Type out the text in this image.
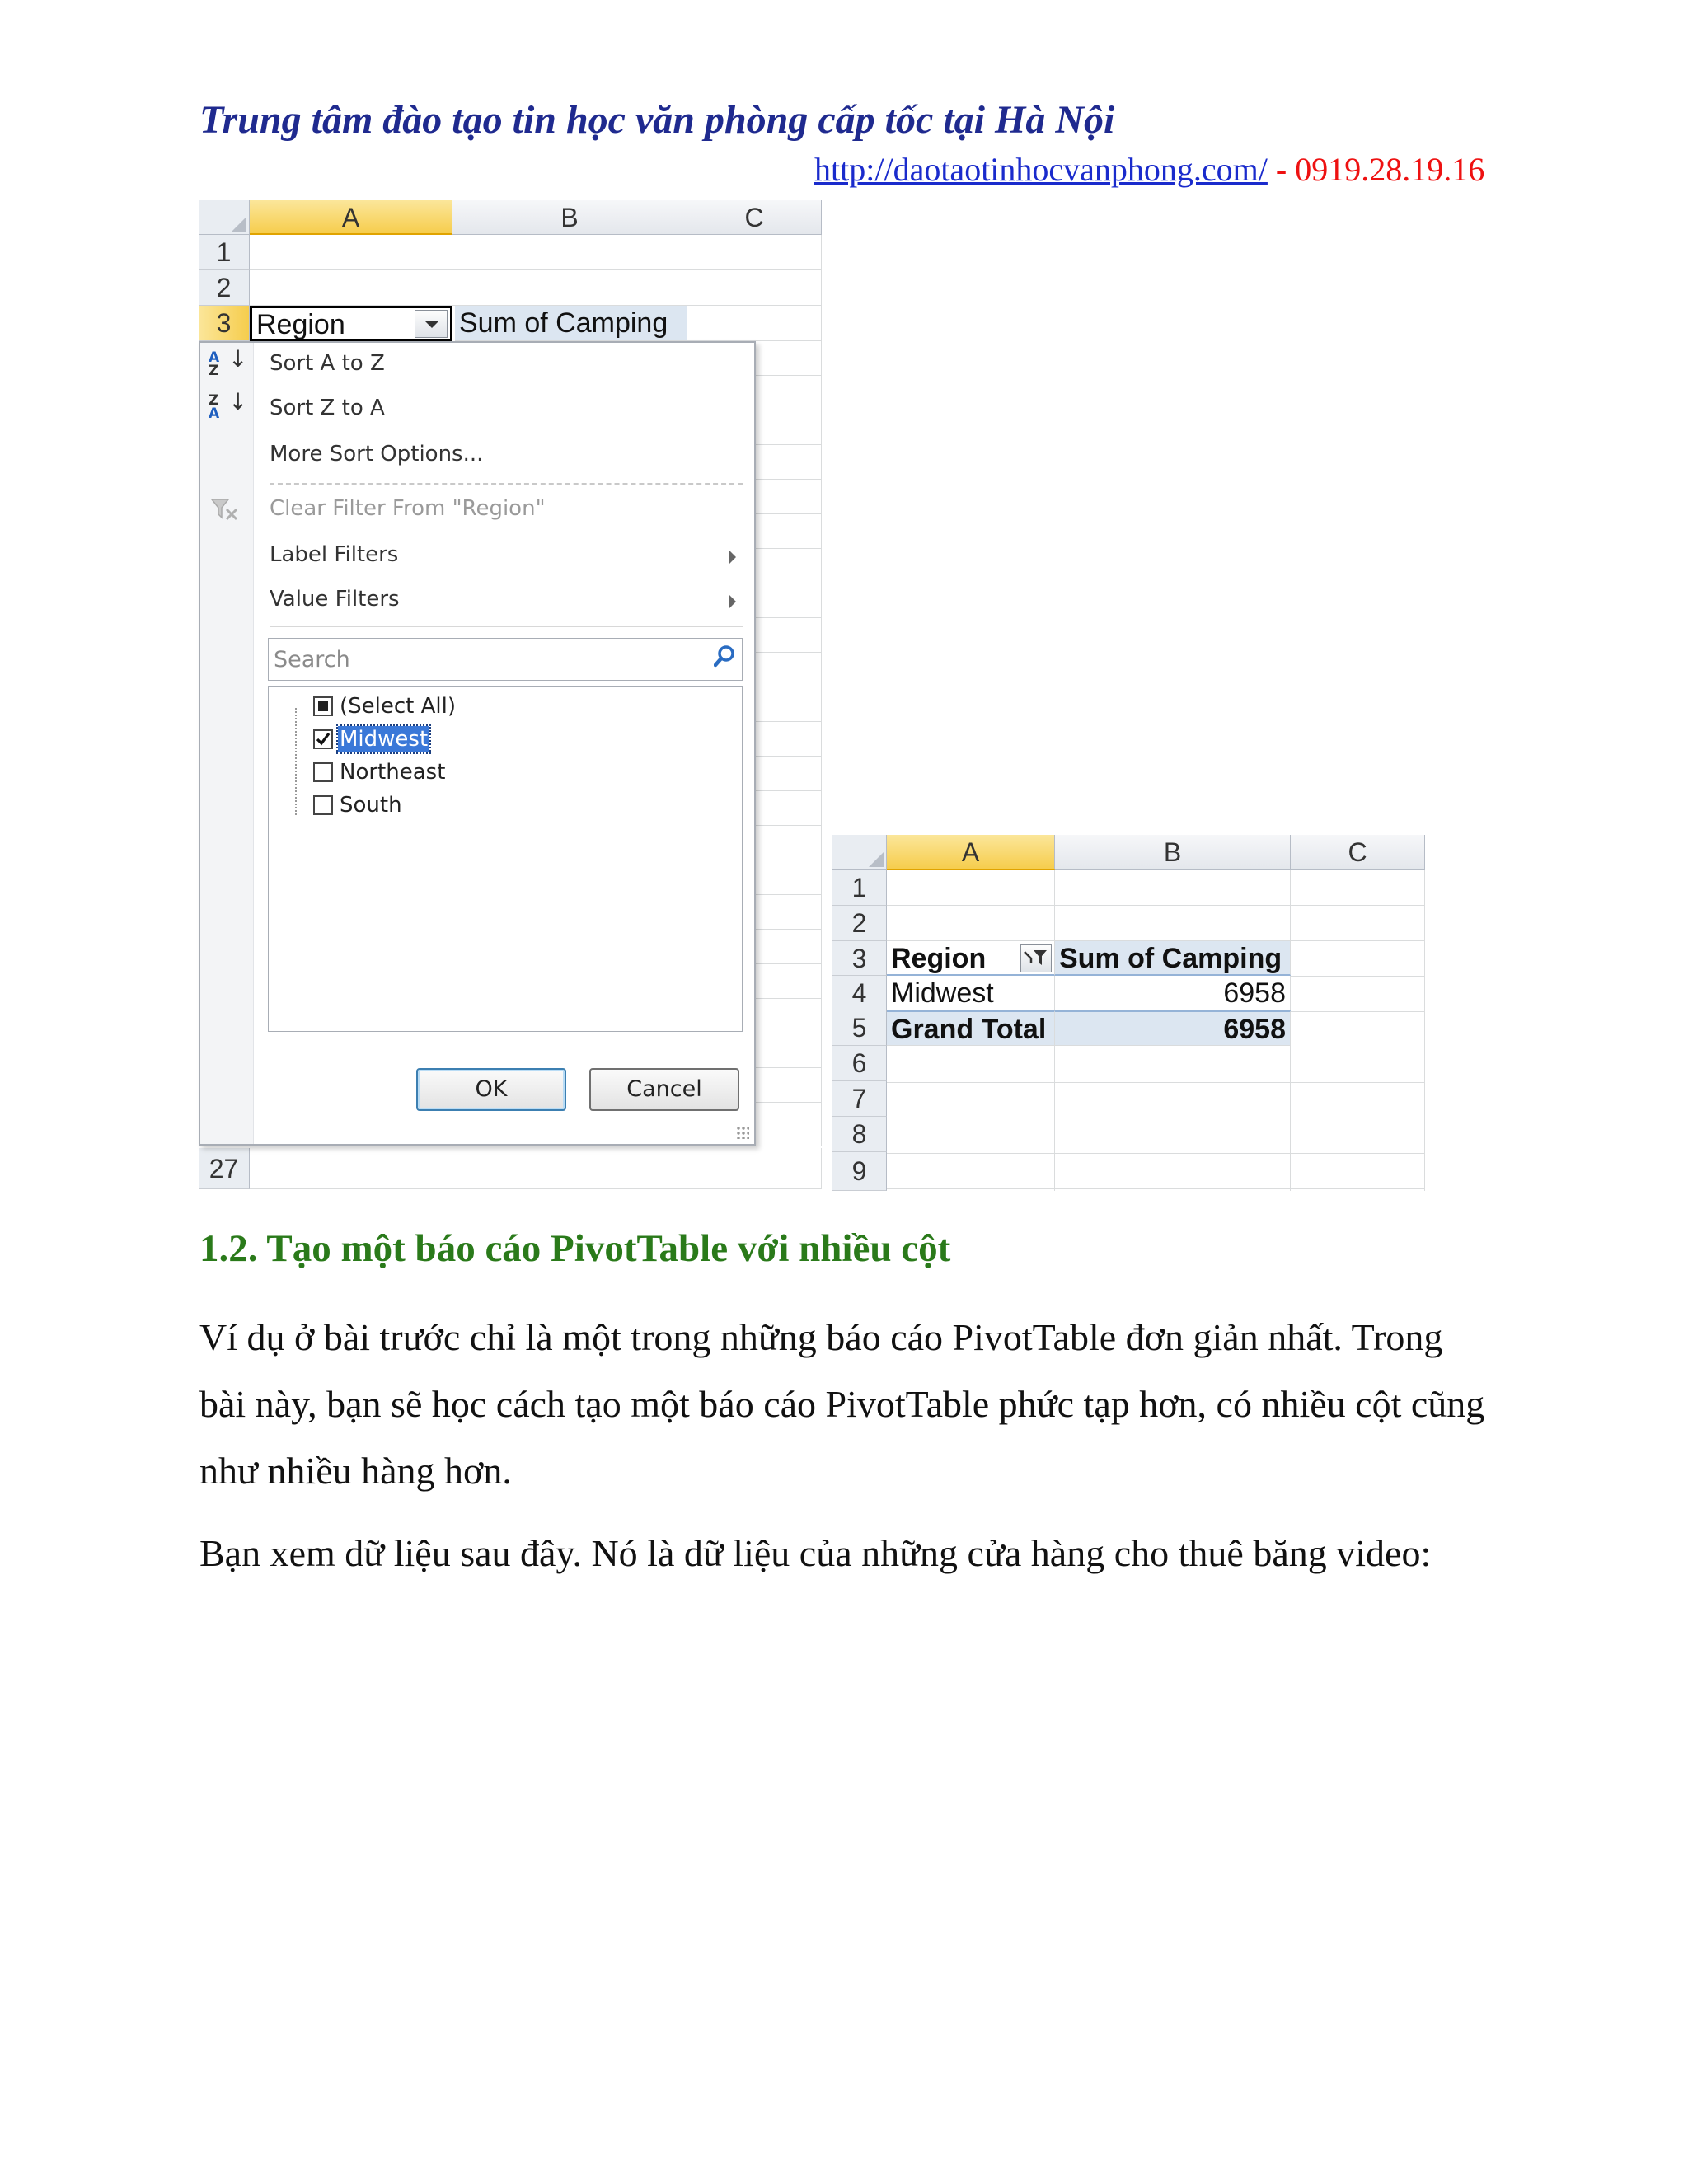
Trung tâm đào tạo tin học văn phòng cấp tốc tại Hà Nội
http://daotaotinhocvanphong.com/ - 0919.28.19.16
A	B	C
1
2
3 Region	Sum of Camping
27
A
Z ↓ Sort A to Z
Z
A ↓ Sort Z to A
More Sort Options...
Clear Filter From "Region"
Label Filters
Value Filters
Search
(Select All)
Midwest
Northeast
South
OK	Cancel
A	B	C
1
2
3
4
5
6
7
8
9
Region	Sum of Camping
Midwest	6958
Grand Total	6958
1.2. Tạo một báo cáo PivotTable với nhiều cột
Ví dụ ở bài trước chỉ là một trong những báo cáo PivotTable đơn giản nhất. Trong bài này, bạn sẽ học cách tạo một báo cáo PivotTable phức tạp hơn, có nhiều cột cũng như nhiều hàng hơn.
Bạn xem dữ liệu sau đây. Nó là dữ liệu của những cửa hàng cho thuê băng video:
